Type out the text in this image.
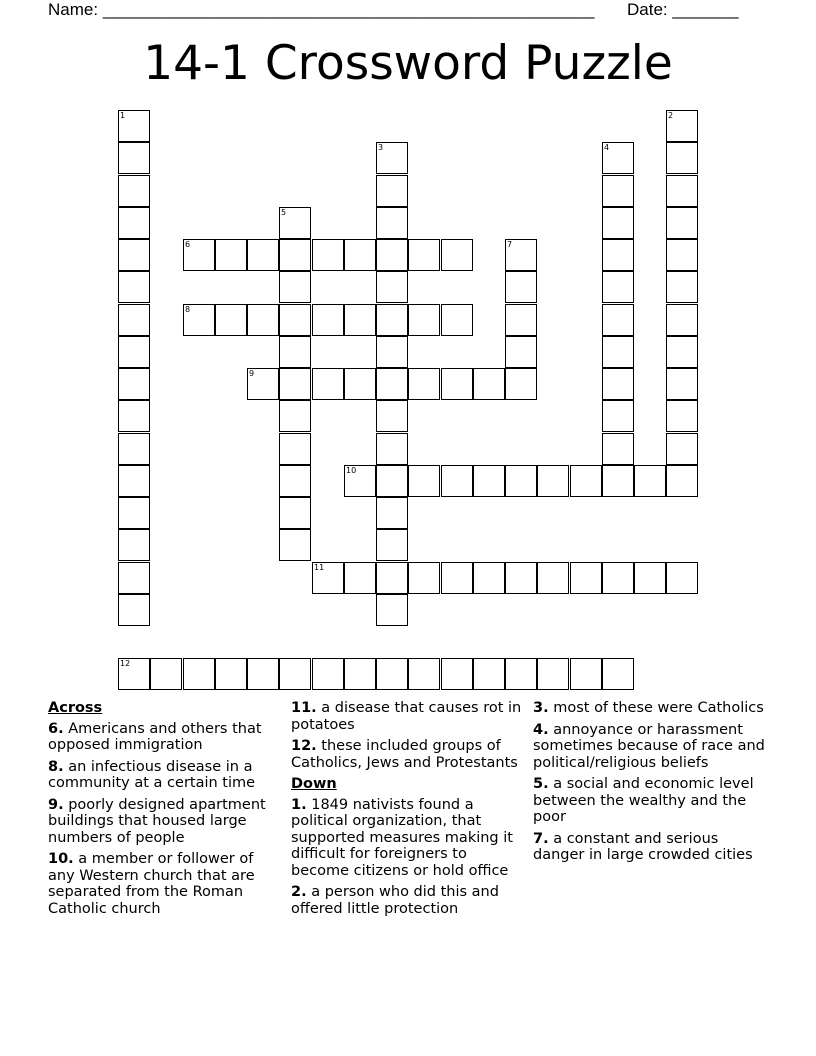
Name: ____________________________________________________ Date: _______
14-1 Crossword Puzzle
1	2
3	4
5
6	7
8
9
10
11
12
Across
6. Americans and others that opposed immigration
8. an infectious disease in a community at a certain time
9. poorly designed apartment buildings that housed large numbers of people
10. a member or follower of any Western church that are separated from the Roman Catholic church
11. a disease that causes rot in potatoes
12. these included groups of Catholics, Jews and Protestants
Down
1. 1849 nativists found a political organization, that supported measures making it difficult for foreigners to become citizens or hold office
2. a person who did this and offered little protection
3. most of these were Catholics
4. annoyance or harassment sometimes because of race and political/religious beliefs
5. a social and economic level between the wealthy and the poor
7. a constant and serious danger in large crowded cities
